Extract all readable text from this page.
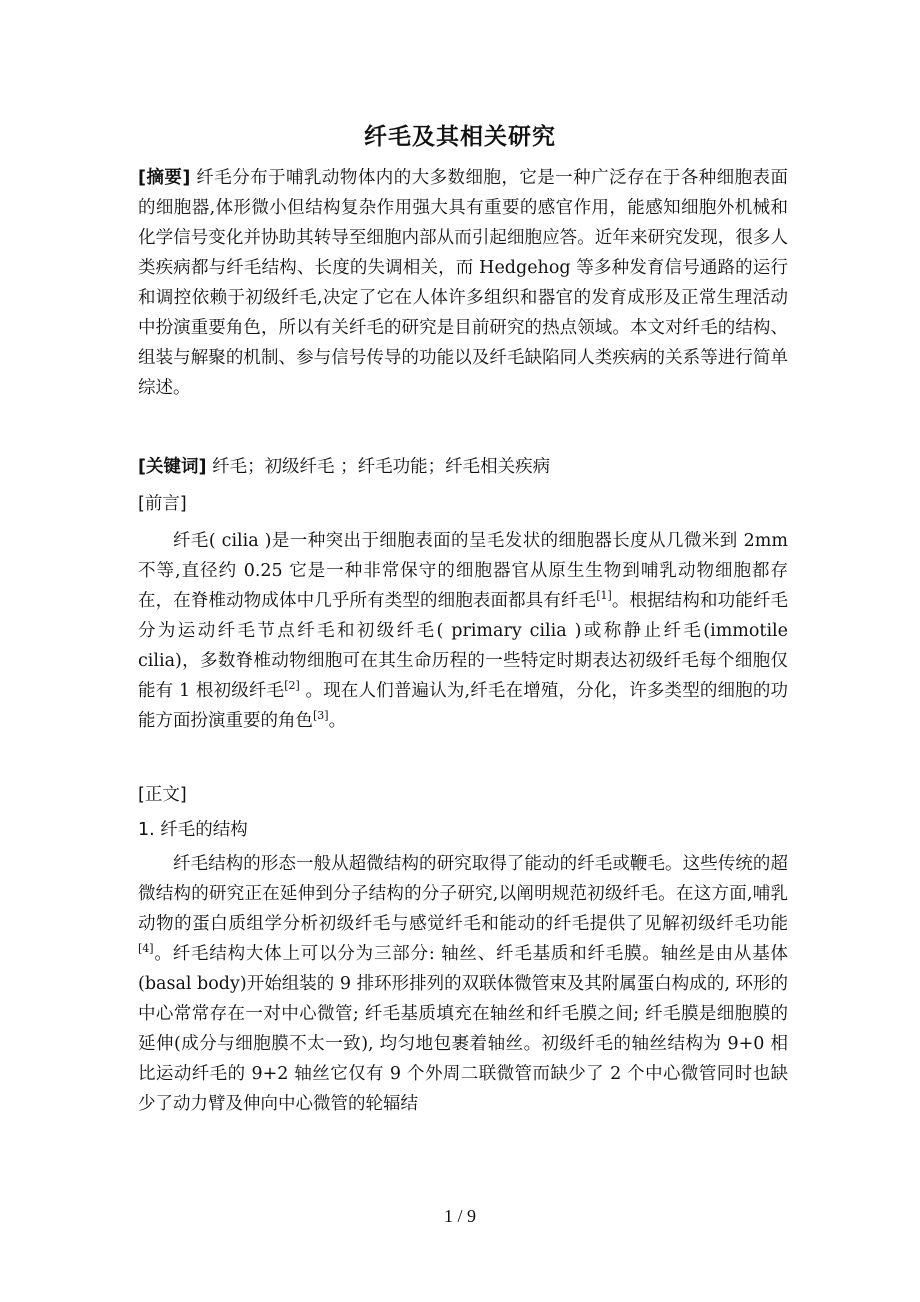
纤毛及其相关研究
[摘要] 纤毛分布于哺乳动物体内的大多数细胞，它是一种广泛存在于各种细胞表面的细胞器,体形微小但结构复杂作用强大具有重要的感官作用，能感知细胞外机械和化学信号变化并协助其转导至细胞内部从而引起细胞应答。近年来研究发现，很多人类疾病都与纤毛结构、长度的失调相关，而 Hedgehog 等多种发育信号通路的运行和调控依赖于初级纤毛,决定了它在人体许多组织和器官的发育成形及正常生理活动中扮演重要角色，所以有关纤毛的研究是目前研究的热点领域。本文对纤毛的结构、组装与解聚的机制、参与信号传导的功能以及纤毛缺陷同人类疾病的关系等进行简单综述。
[关键词] 纤毛；初级纤毛 ；纤毛功能；纤毛相关疾病
[前言]
纤毛( cilia )是一种突出于细胞表面的呈毛发状的细胞器长度从几微米到 2mm 不等,直径约 0.25 它是一种非常保守的细胞器官从原生生物到哺乳动物细胞都存在，在脊椎动物成体中几乎所有类型的细胞表面都具有纤毛[1]。根据结构和功能纤毛分为运动纤毛节点纤毛和初级纤毛( primary cilia )或称静止纤毛(immotile cilia)，多数脊椎动物细胞可在其生命历程的一些特定时期表达初级纤毛每个细胞仅能有 1 根初级纤毛[2] 。现在人们普遍认为,纤毛在增殖，分化，许多类型的细胞的功能方面扮演重要的角色[3]。
[正文]
1. 纤毛的结构
纤毛结构的形态一般从超微结构的研究取得了能动的纤毛或鞭毛。这些传统的超微结构的研究正在延伸到分子结构的分子研究,以阐明规范初级纤毛。在这方面,哺乳动物的蛋白质组学分析初级纤毛与感觉纤毛和能动的纤毛提供了见解初级纤毛功能[4]。纤毛结构大体上可以分为三部分: 轴丝、纤毛基质和纤毛膜。轴丝是由从基体(basal body)开始组装的 9 排环形排列的双联体微管束及其附属蛋白构成的, 环形的中心常常存在一对中心微管; 纤毛基质填充在轴丝和纤毛膜之间; 纤毛膜是细胞膜的延伸(成分与细胞膜不太一致), 均匀地包裹着轴丝。初级纤毛的轴丝结构为 9+0 相比运动纤毛的 9+2 轴丝它仅有 9 个外周二联微管而缺少了 2 个中心微管同时也缺少了动力臂及伸向中心微管的轮辐结
1 / 9
